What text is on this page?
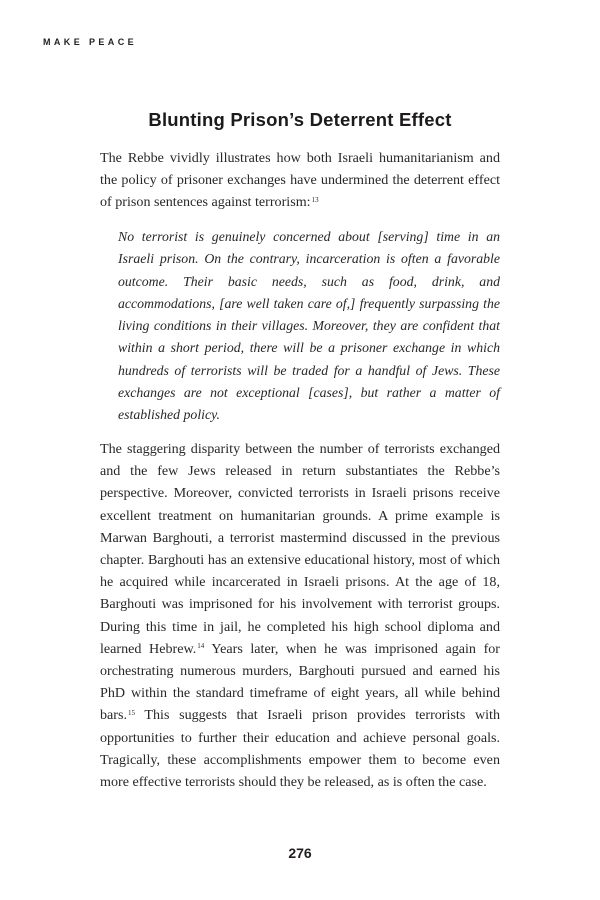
MAKE PEACE
Blunting Prison’s Deterrent Effect

The Rebbe vividly illustrates how both Israeli humanitarianism and the policy of prisoner exchanges have undermined the deterrent effect of prison sentences against terrorism:$^{13}$

No terrorist is genuinely concerned about [serving] time in an Israeli prison. On the contrary, incarceration is often a favorable outcome. Their basic needs, such as food, drink, and accommodations, [are well taken care of,] frequently surpassing the living conditions in their villages. Moreover, they are confident that within a short period, there will be a prisoner exchange in which hundreds of terrorists will be traded for a handful of Jews. These exchanges are not exceptional [cases], but rather a matter of established policy.

The staggering disparity between the number of terrorists exchanged and the few Jews released in return substantiates the Rebbe’s perspective. Moreover, convicted terrorists in Israeli prisons receive excellent treatment on humanitarian grounds. A prime example is Marwan Barghouti, a terrorist mastermind discussed in the previous chapter. Barghouti has an extensive educational history, most of which he acquired while incarcerated in Israeli prisons. At the age of 18, Barghouti was imprisoned for his involvement with terrorist groups. During this time in jail, he completed his high school diploma and learned Hebrew.$^{14}$ Years later, when he was imprisoned again for orchestrating numerous murders, Barghouti pursued and earned his PhD within the standard timeframe of eight years, all while behind bars.$^{15}$ This suggests that Israeli prison provides terrorists with opportunities to further their education and achieve personal goals. Tragically, these accomplishments empower them to become even more effective terrorists should they be released, as is often the case.

276
